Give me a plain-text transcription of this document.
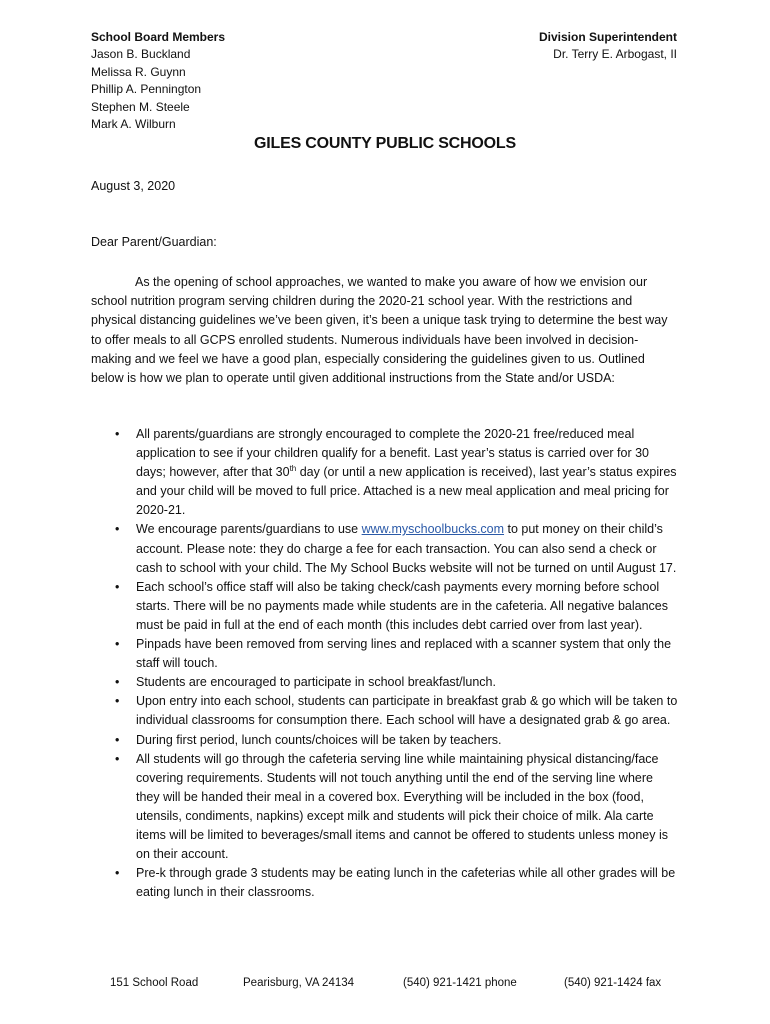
School Board Members
Jason B. Buckland
Melissa R. Guynn
Phillip A. Pennington
Stephen M. Steele
Mark A. Wilburn
Division Superintendent
Dr. Terry E. Arbogast, II
GILES COUNTY PUBLIC SCHOOLS
August 3, 2020
Dear Parent/Guardian:

As the opening of school approaches, we wanted to make you aware of how we envision our school nutrition program serving children during the 2020-21 school year. With the restrictions and physical distancing guidelines we’ve been given, it’s been a unique task trying to determine the best way to offer meals to all GCPS enrolled students. Numerous individuals have been involved in decision-making and we feel we have a good plan, especially considering the guidelines given to us. Outlined below is how we plan to operate until given additional instructions from the State and/or USDA:

• All parents/guardians are strongly encouraged to complete the 2020-21 free/reduced meal application to see if your children qualify for a benefit. Last year’s status is carried over for 30 days; however, after that 30th day (or until a new application is received), last year’s status expires and your child will be moved to full price. Attached is a new meal application and meal pricing for 2020-21.
• We encourage parents/guardians to use www.myschoolbucks.com to put money on their child’s account. Please note: they do charge a fee for each transaction. You can also send a check or cash to school with your child. The My School Bucks website will not be turned on until August 17.
• Each school’s office staff will also be taking check/cash payments every morning before school starts. There will be no payments made while students are in the cafeteria. All negative balances must be paid in full at the end of each month (this includes debt carried over from last year).
• Pinpads have been removed from serving lines and replaced with a scanner system that only the staff will touch.
• Students are encouraged to participate in school breakfast/lunch.
• Upon entry into each school, students can participate in breakfast grab & go which will be taken to individual classrooms for consumption there. Each school will have a designated grab & go area.
• During first period, lunch counts/choices will be taken by teachers.
• All students will go through the cafeteria serving line while maintaining physical distancing/face covering requirements. Students will not touch anything until the end of the serving line where they will be handed their meal in a covered box. Everything will be included in the box (food, utensils, condiments, napkins) except milk and students will pick their choice of milk. Ala carte items will be limited to beverages/small items and cannot be offered to students unless money is on their account.
• Pre-k through grade 3 students may be eating lunch in the cafeterias while all other grades will be eating lunch in their classrooms.
151 School Road	Pearisburg, VA 24134	(540) 921-1421 phone	(540) 921-1424 fax
